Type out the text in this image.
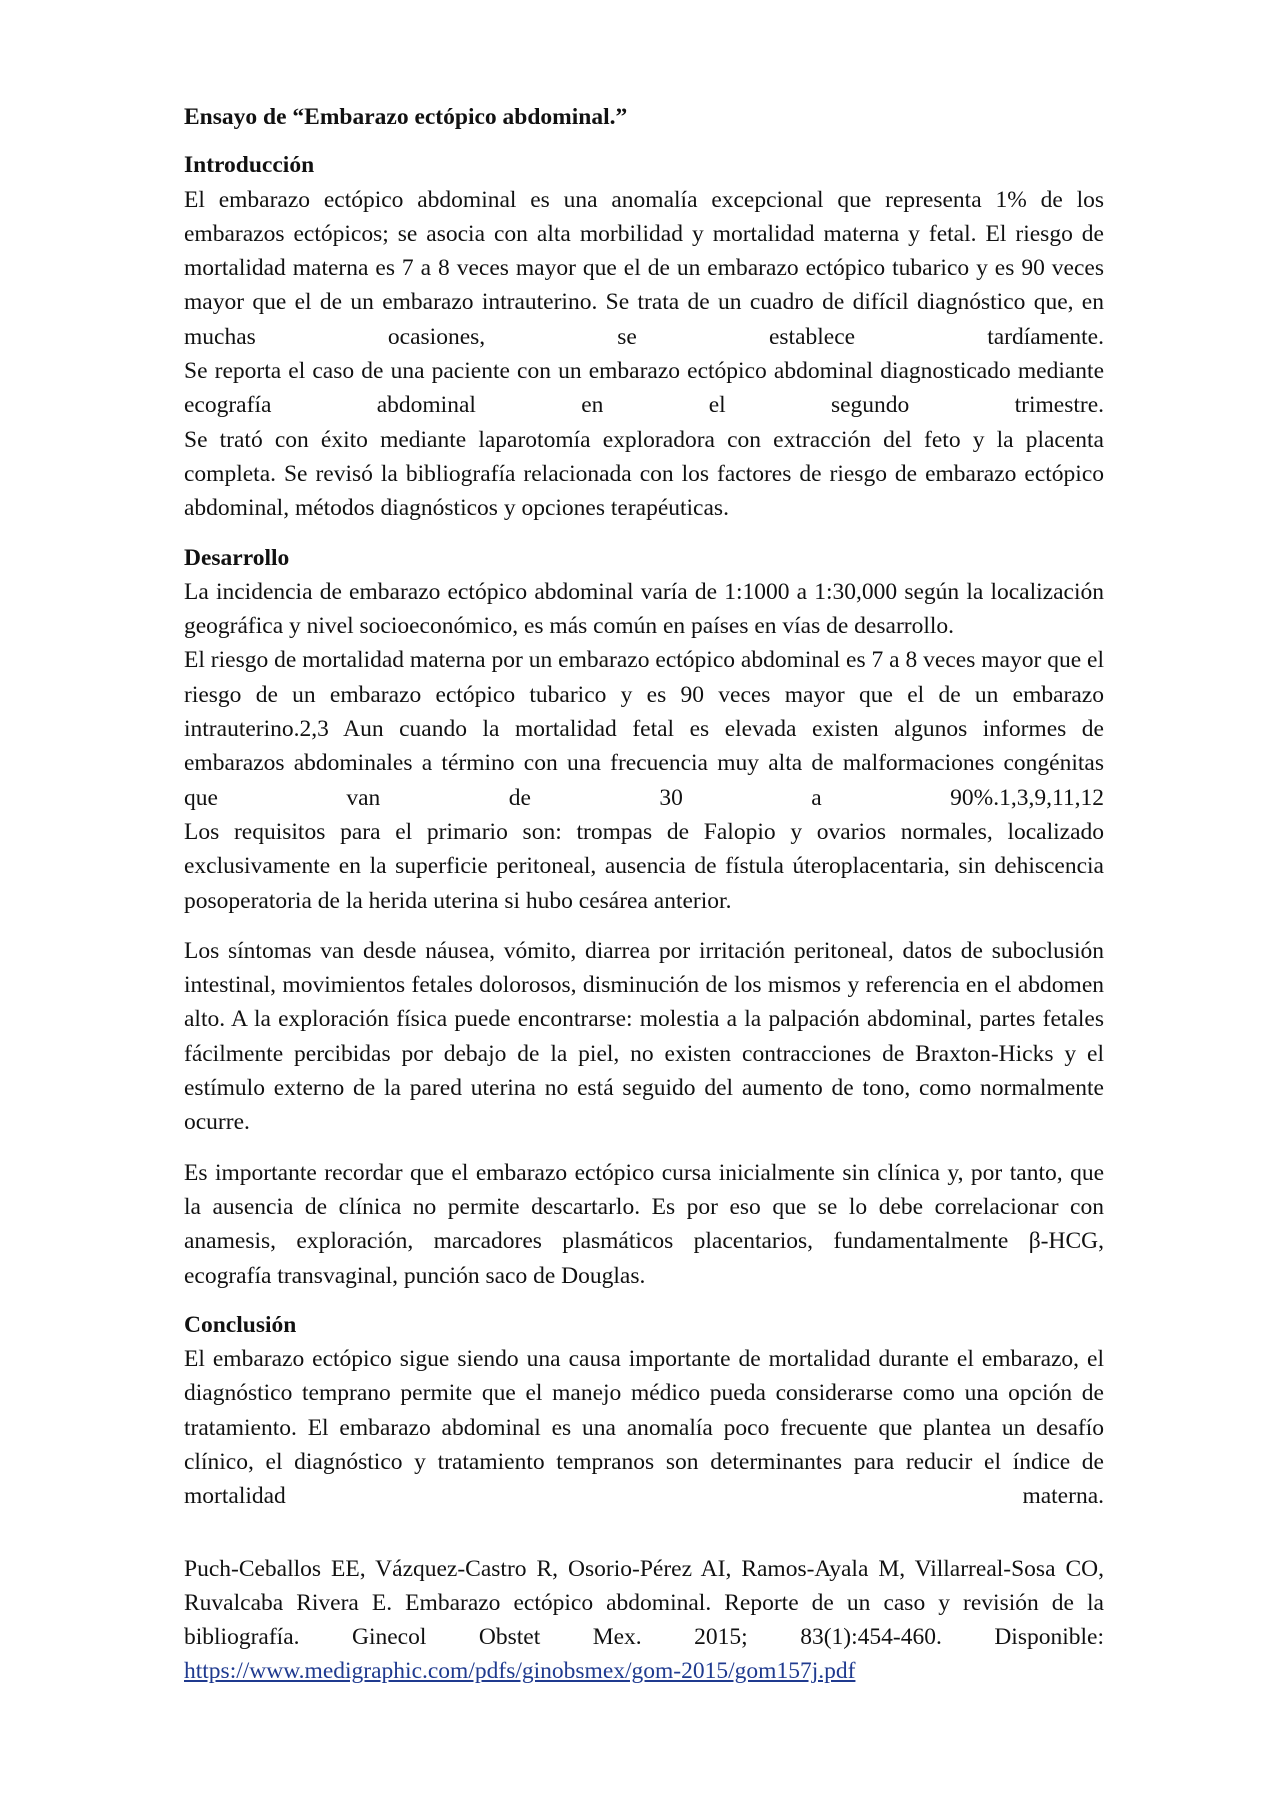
Ensayo de “Embarazo ectópico abdominal.”
Introducción

El embarazo ectópico abdominal es una anomalía excepcional que representa 1% de los embarazos ectópicos; se asocia con alta morbilidad y mortalidad materna y fetal. El riesgo de mortalidad materna es 7 a 8 veces mayor que el de un embarazo ectópico tubarico y es 90 veces mayor que el de un embarazo intrauterino. Se trata de un cuadro de difícil diagnóstico que, en muchas ocasiones, se establece tardíamente.

Se reporta el caso de una paciente con un embarazo ectópico abdominal diagnosticado mediante ecografía abdominal en el segundo trimestre.

Se trató con éxito mediante laparotomía exploradora con extracción del feto y la placenta completa. Se revisó la bibliografía relacionada con los factores de riesgo de embarazo ectópico abdominal, métodos diagnósticos y opciones terapéuticas.

Desarrollo

La incidencia de embarazo ectópico abdominal varía de 1:1000 a 1:30,000 según la localización geográfica y nivel socioeconómico, es más común en países en vías de desarrollo.

El riesgo de mortalidad materna por un embarazo ectópico abdominal es 7 a 8 veces mayor que el riesgo de un embarazo ectópico tubarico y es 90 veces mayor que el de un embarazo intrauterino.2,3 Aun cuando la mortalidad fetal es elevada existen algunos informes de embarazos abdominales a término con una frecuencia muy alta de malformaciones congénitas que van de 30 a 90%.1,3,9,11,12

Los requisitos para el primario son: trompas de Falopio y ovarios normales, localizado exclusivamente en la superficie peritoneal, ausencia de fístula úteroplacentaria, sin dehiscencia posoperatoria de la herida uterina si hubo cesárea anterior.

Los síntomas van desde náusea, vómito, diarrea por irritación peritoneal, datos de suboclusión intestinal, movimientos fetales dolorosos, disminución de los mismos y referencia en el abdomen alto. A la exploración física puede encontrarse: molestia a la palpación abdominal, partes fetales fácilmente percibidas por debajo de la piel, no existen contracciones de Braxton-Hicks y el estímulo externo de la pared uterina no está seguido del aumento de tono, como normalmente ocurre.

Es importante recordar que el embarazo ectópico cursa inicialmente sin clínica y, por tanto, que la ausencia de clínica no permite descartarlo. Es por eso que se lo debe correlacionar con anamesis, exploración, marcadores plasmáticos placentarios, fundamentalmente β-HCG, ecografía transvaginal, punción saco de Douglas.

Conclusión

El embarazo ectópico sigue siendo una causa importante de mortalidad durante el embarazo, el diagnóstico temprano permite que el manejo médico pueda considerarse como una opción de tratamiento. El embarazo abdominal es una anomalía poco frecuente que plantea un desafío clínico, el diagnóstico y tratamiento tempranos son determinantes para reducir el índice de mortalidad materna.

Puch-Ceballos EE, Vázquez-Castro R, Osorio-Pérez AI, Ramos-Ayala M, Villarreal-Sosa CO, Ruvalcaba Rivera E. Embarazo ectópico abdominal. Reporte de un caso y revisión de la bibliografía. Ginecol Obstet Mex. 2015; 83(1):454-460. Disponible: https://www.medigraphic.com/pdfs/ginobsmex/gom-2015/gom157j.pdf
